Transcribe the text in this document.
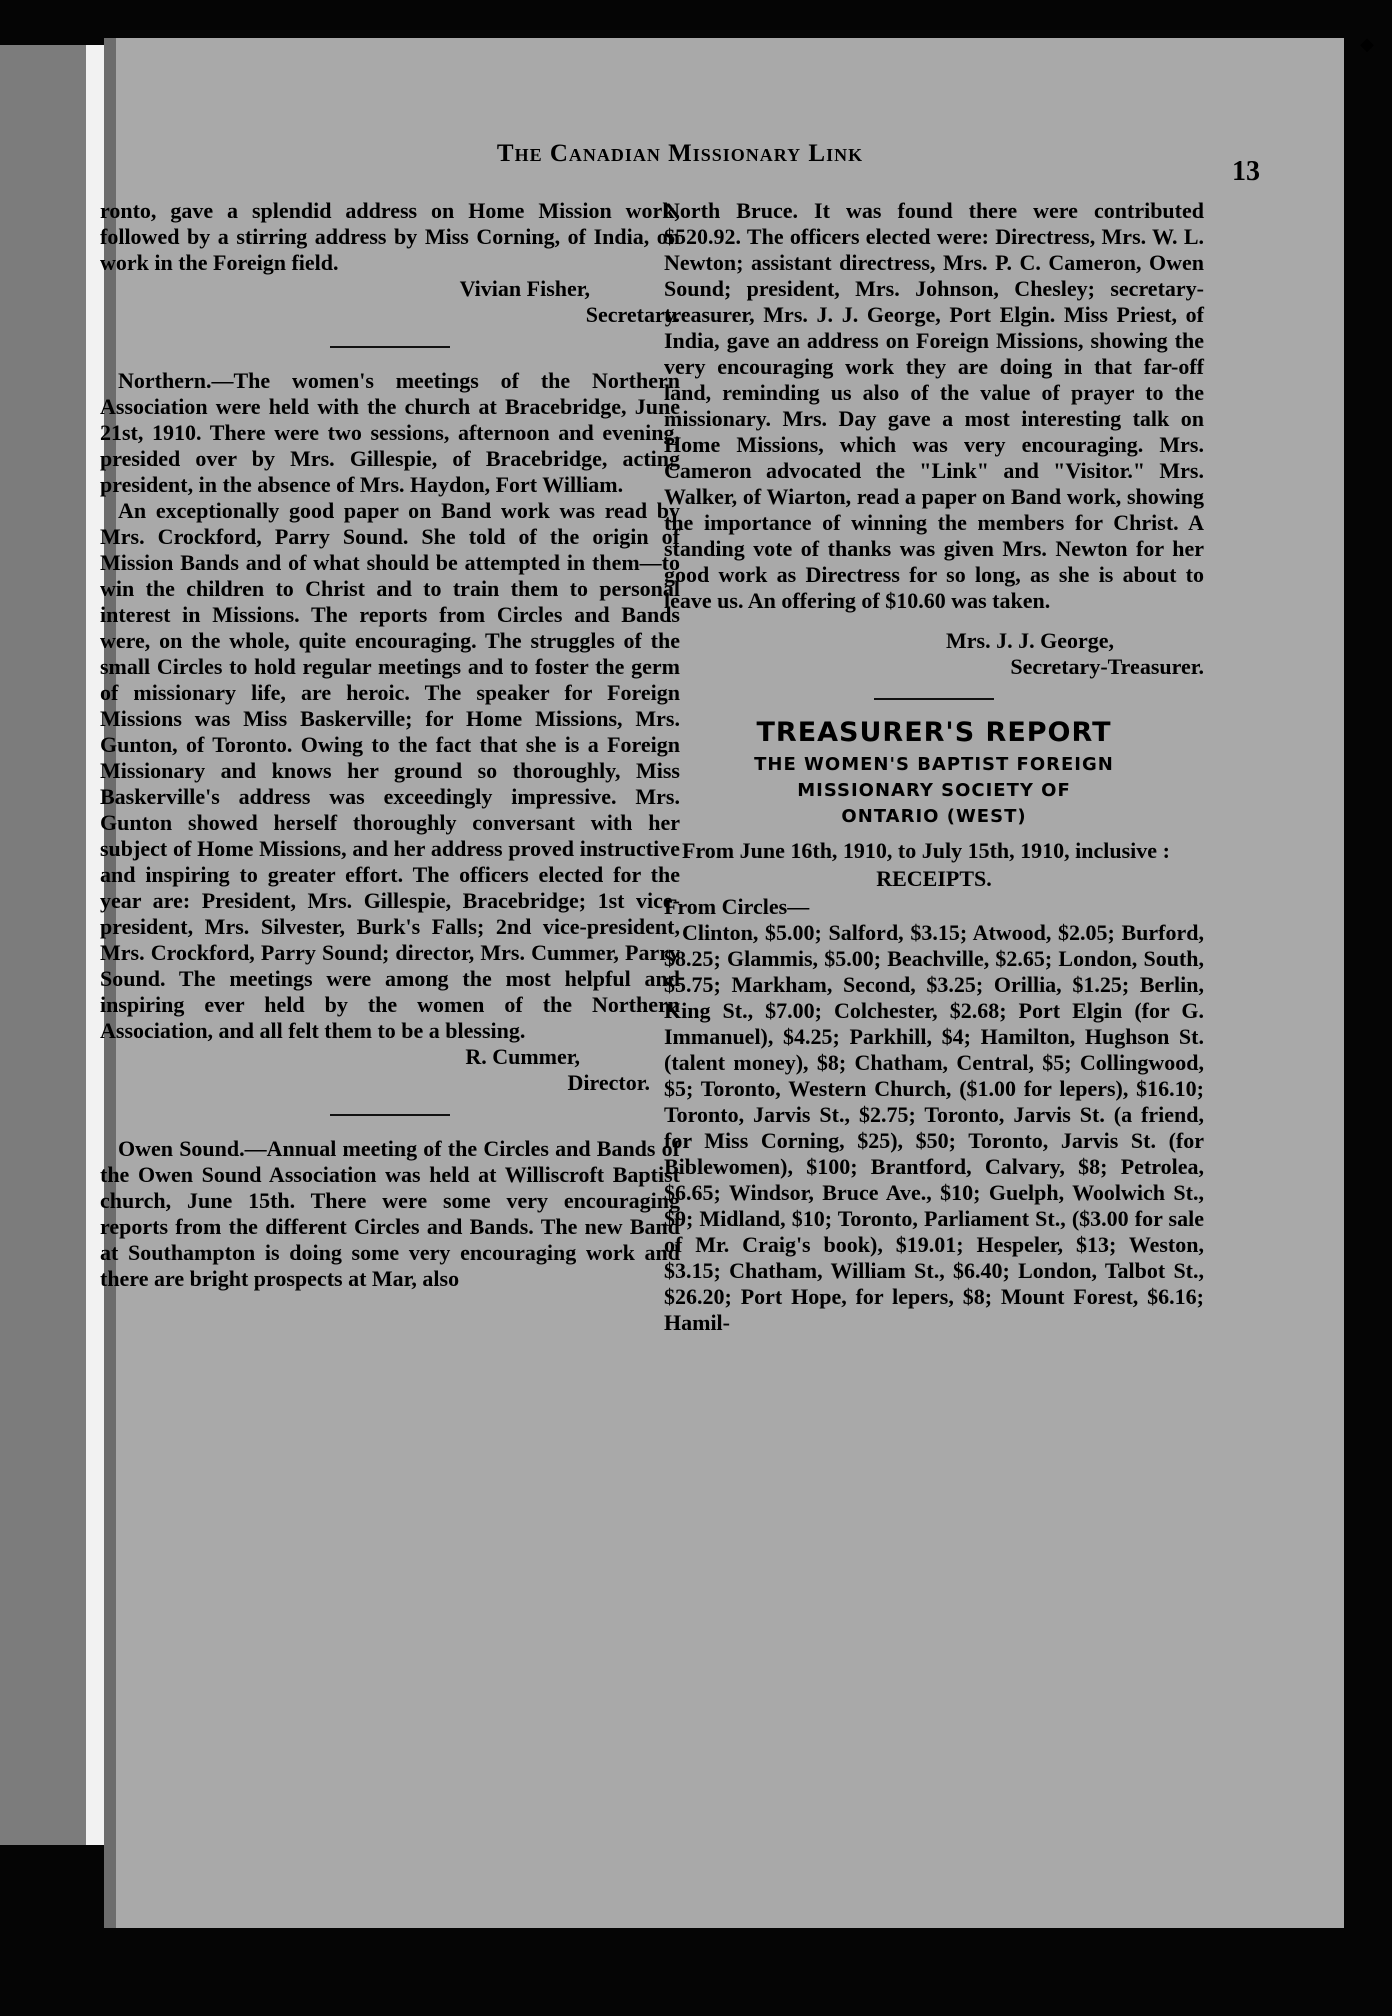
◆
The Canadian Missionary Link
13

ronto, gave a splendid address on Home Mission work, followed by a stirring address by Miss Corning, of India, on work in the Foreign field.

Vivian Fisher,
Secretary.

Northern.—The women's meetings of the Northern Association were held with the church at Bracebridge, June 21st, 1910. There were two sessions, afternoon and evening, presided over by Mrs. Gillespie, of Bracebridge, acting president, in the absence of Mrs. Haydon, Fort William.

An exceptionally good paper on Band work was read by Mrs. Crockford, Parry Sound. She told of the origin of Mission Bands and of what should be attempted in them—to win the children to Christ and to train them to personal interest in Missions. The reports from Circles and Bands were, on the whole, quite encouraging. The struggles of the small Circles to hold regular meetings and to foster the germ of missionary life, are heroic. The speaker for Foreign Missions was Miss Baskerville; for Home Missions, Mrs. Gunton, of Toronto. Owing to the fact that she is a Foreign Missionary and knows her ground so thoroughly, Miss Baskerville's address was exceedingly impressive. Mrs. Gunton showed herself thoroughly conversant with her subject of Home Missions, and her address proved instructive and inspiring to greater effort. The officers elected for the year are: President, Mrs. Gillespie, Bracebridge; 1st vice-president, Mrs. Silvester, Burk's Falls; 2nd vice-president, Mrs. Crockford, Parry Sound; director, Mrs. Cummer, Parry Sound. The meetings were among the most helpful and inspiring ever held by the women of the Northern Association, and all felt them to be a blessing.

R. Cummer,
Director.

Owen Sound.—Annual meeting of the Circles and Bands of the Owen Sound Association was held at Williscroft Baptist church, June 15th. There were some very encouraging reports from the different Circles and Bands. The new Band at Southampton is doing some very encouraging work and there are bright prospects at Mar, also

North Bruce. It was found there were contributed $520.92. The officers elected were: Directress, Mrs. W. L. Newton; assistant directress, Mrs. P. C. Cameron, Owen Sound; president, Mrs. Johnson, Chesley; secretary-treasurer, Mrs. J. J. George, Port Elgin. Miss Priest, of India, gave an address on Foreign Missions, showing the very encouraging work they are doing in that far-off land, reminding us also of the value of prayer to the missionary. Mrs. Day gave a most interesting talk on Home Missions, which was very encouraging. Mrs. Cameron advocated the "Link" and "Visitor." Mrs. Walker, of Wiarton, read a paper on Band work, showing the importance of winning the members for Christ. A standing vote of thanks was given Mrs. Newton for her good work as Directress for so long, as she is about to leave us. An offering of $10.60 was taken.

Mrs. J. J. George,
Secretary-Treasurer.
TREASURER'S REPORT
THE WOMEN'S BAPTIST FOREIGN
MISSIONARY SOCIETY OF
ONTARIO (WEST)

From June 16th, 1910, to July 15th, 1910, inclusive :

RECEIPTS.

From Circles—

Clinton, $5.00; Salford, $3.15; Atwood, $2.05; Burford, $8.25; Glammis, $5.00; Beachville, $2.65; London, South, $5.75; Markham, Second, $3.25; Orillia, $1.25; Berlin, King St., $7.00; Colchester, $2.68; Port Elgin (for G. Immanuel), $4.25; Parkhill, $4; Hamilton, Hughson St. (talent money), $8; Chatham, Central, $5; Collingwood, $5; Toronto, Western Church, ($1.00 for lepers), $16.10; Toronto, Jarvis St., $2.75; Toronto, Jarvis St. (a friend, for Miss Corning, $25), $50; Toronto, Jarvis St. (for Biblewomen), $100; Brantford, Calvary, $8; Petrolea, $6.65; Windsor, Bruce Ave., $10; Guelph, Woolwich St., $9; Midland, $10; Toronto, Parliament St., ($3.00 for sale of Mr. Craig's book), $19.01; Hespeler, $13; Weston, $3.15; Chatham, William St., $6.40; London, Talbot St., $26.20; Port Hope, for lepers, $8; Mount Forest, $6.16; Hamil-
